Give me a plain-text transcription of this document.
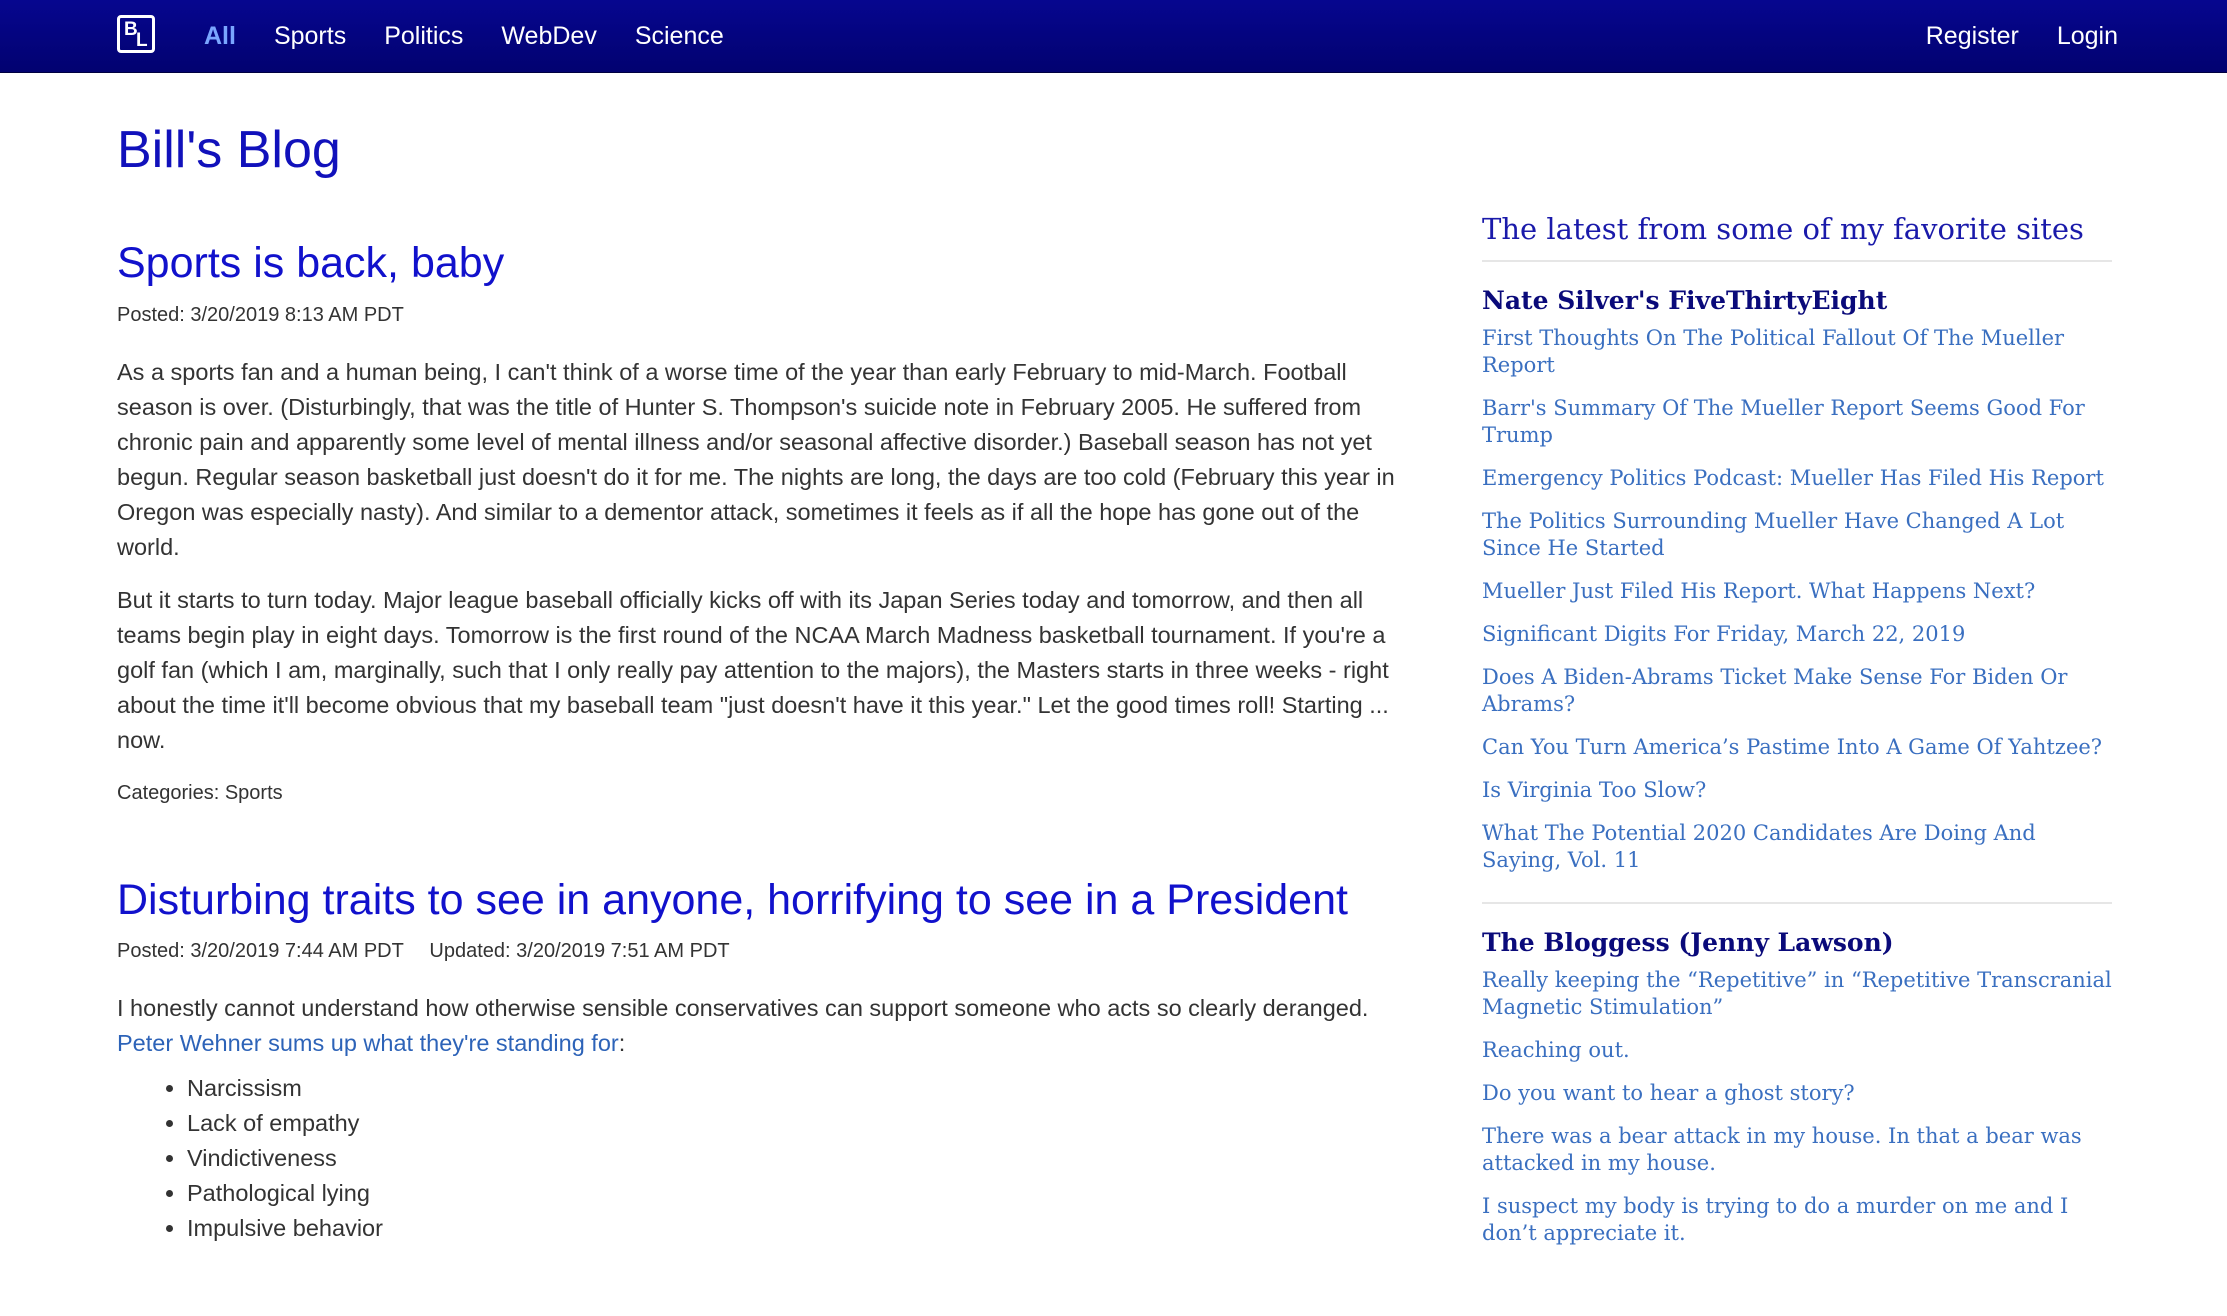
B
L All Sports Politics WebDev Science	Register Login
Bill's Blog
Sports is back, baby
Posted: 3/20/2019 8:13 AM PDT

As a sports fan and a human being, I can't think of a worse time of the year than early February to mid-March. Football season is over. (Disturbingly, that was the title of Hunter S. Thompson's suicide note in February 2005. He suffered from chronic pain and apparently some level of mental illness and/or seasonal affective disorder.) Baseball season has not yet begun. Regular season basketball just doesn't do it for me. The nights are long, the days are too cold (February this year in Oregon was especially nasty). And similar to a dementor attack, sometimes it feels as if all the hope has gone out of the world.

But it starts to turn today. Major league baseball officially kicks off with its Japan Series today and tomorrow, and then all teams begin play in eight days. Tomorrow is the first round of the NCAA March Madness basketball tournament. If you're a golf fan (which I am, marginally, such that I only really pay attention to the majors), the Masters starts in three weeks - right about the time it'll become obvious that my baseball team "just doesn't have it this year." Let the good times roll! Starting ... now.

Categories: Sports
Disturbing traits to see in anyone, horrifying to see in a President
Posted: 3/20/2019 7:44 AM PDT Updated: 3/20/2019 7:51 AM PDT

I honestly cannot understand how otherwise sensible conservatives can support someone who acts so clearly deranged.
Peter Wehner sums up what they're standing for:

• Narcissism
• Lack of empathy
• Vindictiveness
• Pathological lying
• Impulsive behavior
The latest from some of my favorite sites
Nate Silver's FiveThirtyEight
First Thoughts On The Political Fallout Of The Mueller Report
Barr's Summary Of The Mueller Report Seems Good For Trump
Emergency Politics Podcast: Mueller Has Filed His Report
The Politics Surrounding Mueller Have Changed A Lot Since He Started
Mueller Just Filed His Report. What Happens Next?
Significant Digits For Friday, March 22, 2019
Does A Biden-Abrams Ticket Make Sense For Biden Or Abrams?
Can You Turn America’s Pastime Into A Game Of Yahtzee?
Is Virginia Too Slow?
What The Potential 2020 Candidates Are Doing And Saying, Vol. 11
The Bloggess (Jenny Lawson)
Really keeping the “Repetitive” in “Repetitive Transcranial Magnetic Stimulation”
Reaching out.
Do you want to hear a ghost story?
There was a bear attack in my house. In that a bear was attacked in my house.
I suspect my body is trying to do a murder on me and I don’t appreciate it.
